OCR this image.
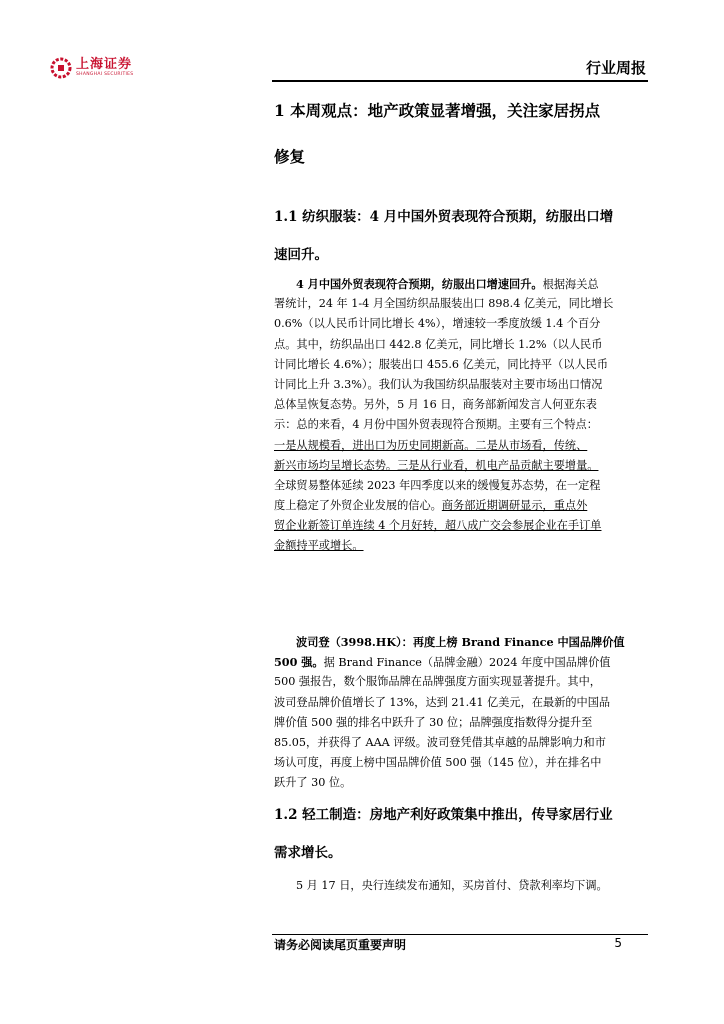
上海证券
SHANGHAI SECURITIES	行业周报
1 本周观点：地产政策显著增强，关注家居拐点
修复
1.1 纺织服装：4 月中国外贸表现符合预期，纺服出口增
速回升。
4 月中国外贸表现符合预期，纺服出口增速回升。根据海关总
署统计，24 年 1-4 月全国纺织品服装出口 898.4 亿美元，同比增长
0.6%（以人民币计同比增长 4%），增速较一季度放缓 1.4 个百分
点。其中，纺织品出口 442.8 亿美元，同比增长 1.2%（以人民币
计同比增长 4.6%）；服装出口 455.6 亿美元，同比持平（以人民币
计同比上升 3.3%）。我们认为我国纺织品服装对主要市场出口情况
总体呈恢复态势。另外，5 月 16 日，商务部新闻发言人何亚东表
示：总的来看，4 月份中国外贸表现符合预期。主要有三个特点：
一是从规模看，进出口为历史同期新高。二是从市场看，传统、
新兴市场均呈增长态势。三是从行业看，机电产品贡献主要增量。
全球贸易整体延续 2023 年四季度以来的缓慢复苏态势，在一定程
度上稳定了外贸企业发展的信心。商务部近期调研显示，重点外
贸企业新签订单连续 4 个月好转，超八成广交会参展企业在手订单
金额持平或增长。
波司登（3998.HK）：再度上榜 Brand Finance 中国品牌价值
500 强。据 Brand Finance（品牌金融）2024 年度中国品牌价值
500 强报告，数个服饰品牌在品牌强度方面实现显著提升。其中，
波司登品牌价值增长了 13%，达到 21.41 亿美元，在最新的中国品
牌价值 500 强的排名中跃升了 30 位；品牌强度指数得分提升至
85.05，并获得了 AAA 评级。波司登凭借其卓越的品牌影响力和市
场认可度，再度上榜中国品牌价值 500 强（145 位），并在排名中
跃升了 30 位。
1.2 轻工制造：房地产利好政策集中推出，传导家居行业
需求增长。
5 月 17 日，央行连续发布通知，买房首付、贷款利率均下调。
请务必阅读尾页重要声明	5
